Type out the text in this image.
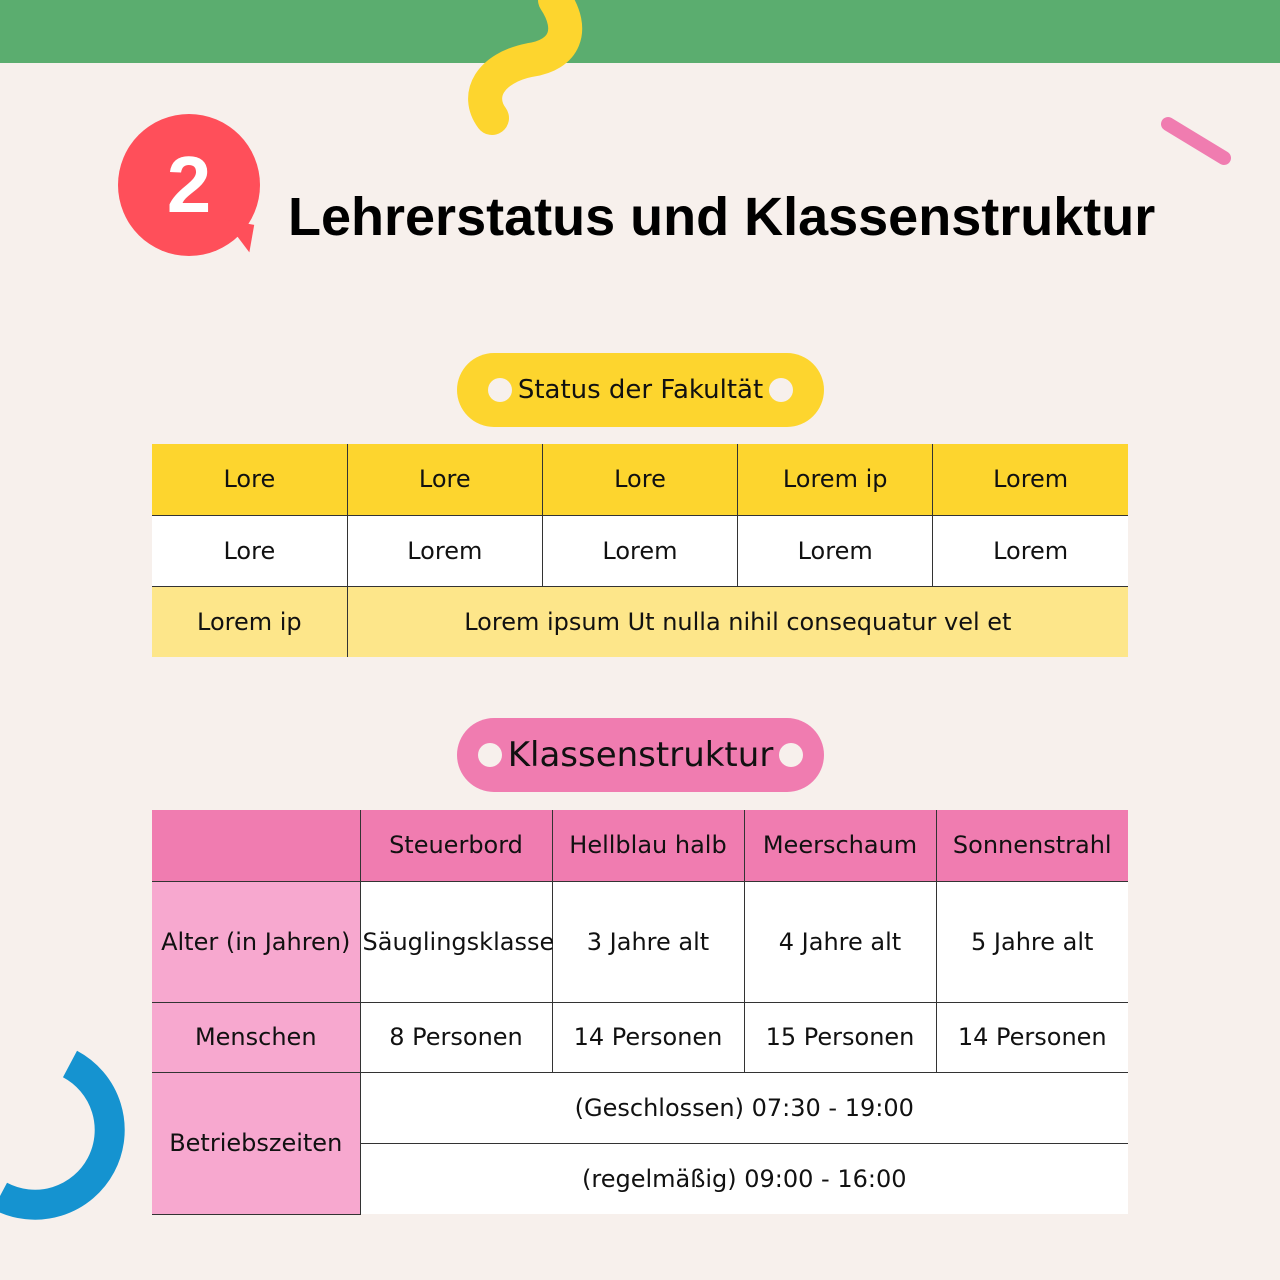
2 Lehrerstatus und Klassenstruktur
Status der Fakultät
Lore	Lore	Lore	Lorem ip	Lorem
Lore	Lorem	Lorem	Lorem	Lorem
Lorem ip	Lorem ipsum Ut nulla nihil consequatur vel et			
Klassenstruktur
	Steuerbord	Hellblau halb	Meerschaum	Sonnenstrahl
Alter (in Jahren)	Säuglingsklasse	3 Jahre alt	4 Jahre alt	5 Jahre alt
Menschen	8 Personen	14 Personen	15 Personen	14 Personen
Betriebszeiten	(Geschlossen) 07:30 - 19:00			
	(regelmäßig) 09:00 - 16:00			
